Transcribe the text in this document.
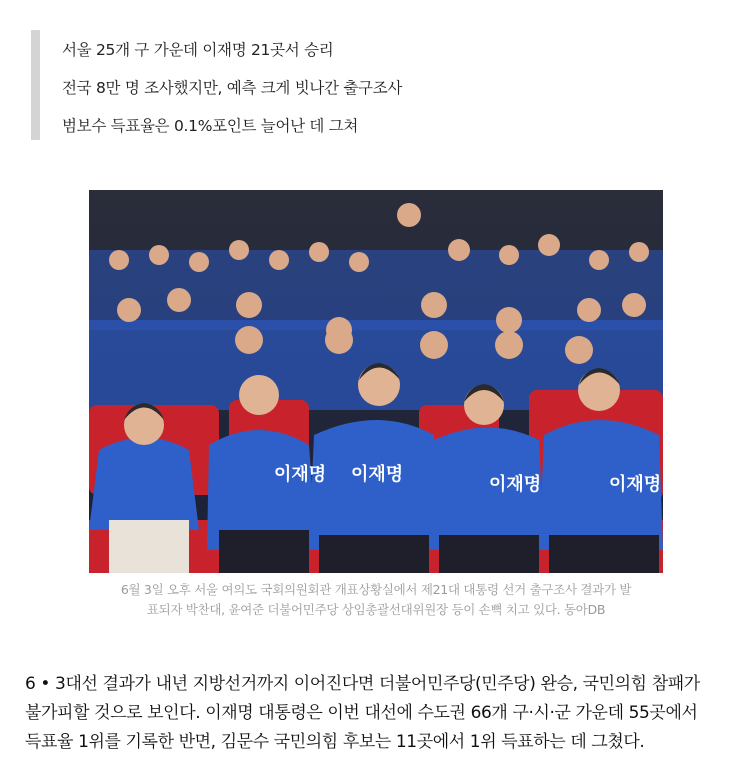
서울 25개 구 가운데 이재명 21곳서 승리

전국 8만 명 조사했지만, 예측 크게 빗나간 출구조사

범보수 득표율은 0.1%포인트 늘어난 데 그쳐

이재명 이재명	이재명	이재명
6월 3일 오후 서울 여의도 국회의원회관 개표상황실에서 제21대 대통령 선거 출구조사 결과가 발
표되자 박찬대, 윤여준 더불어민주당 상임총괄선대위원장 등이 손뼉 치고 있다. 동아DB
6 • 3대선 결과가 내년 지방선거까지 이어진다면 더불어민주당(민주당) 완승, 국민의힘 참패가
불가피할 것으로 보인다. 이재명 대통령은 이번 대선에 수도권 66개 구·시·군 가운데 55곳에서
득표율 1위를 기록한 반면, 김문수 국민의힘 후보는 11곳에서 1위 득표하는 데 그쳤다.
